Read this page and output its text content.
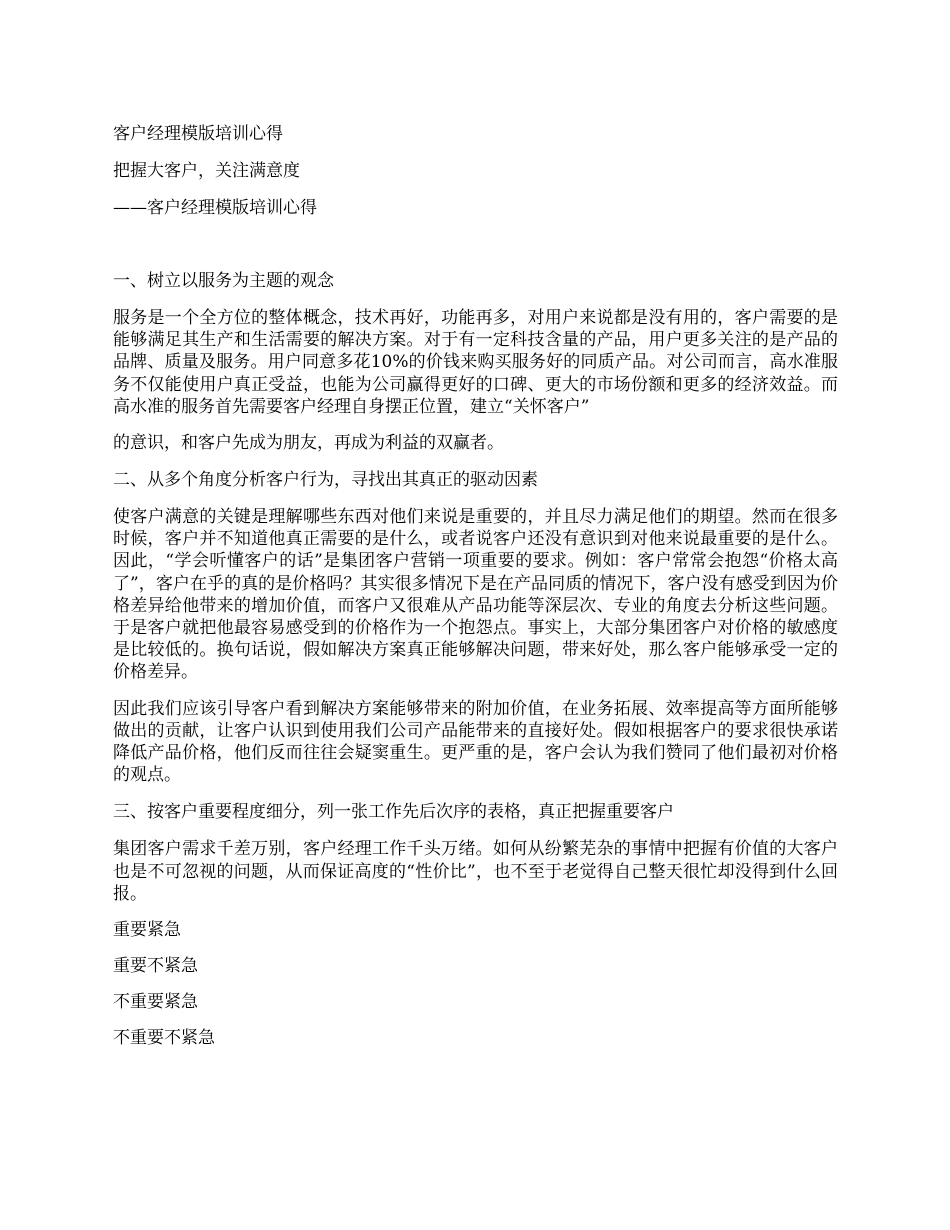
客户经理模版培训心得

把握大客户，关注满意度

——客户经理模版培训心得

一、树立以服务为主题的观念

服务是一个全方位的整体概念，技术再好，功能再多，对用户来说都是没有用的，客户需要的是能够满足其生产和生活需要的解决方案。对于有一定科技含量的产品，用户更多关注的是产品的品牌、质量及服务。用户同意多花10%的价钱来购买服务好的同质产品。对公司而言，高水准服务不仅能使用户真正受益，也能为公司赢得更好的口碑、更大的市场份额和更多的经济效益。而高水准的服务首先需要客户经理自身摆正位置，建立“关怀客户”

的意识，和客户先成为朋友，再成为利益的双赢者。

二、从多个角度分析客户行为，寻找出其真正的驱动因素

使客户满意的关键是理解哪些东西对他们来说是重要的，并且尽力满足他们的期望。然而在很多时候，客户并不知道他真正需要的是什么，或者说客户还没有意识到对他来说最重要的是什么。因此，“学会听懂客户的话”是集团客户营销一项重要的要求。例如：客户常常会抱怨“价格太高了”，客户在乎的真的是价格吗？其实很多情况下是在产品同质的情况下，客户没有感受到因为价格差异给他带来的增加价值，而客户又很难从产品功能等深层次、专业的角度去分析这些问题。于是客户就把他最容易感受到的价格作为一个抱怨点。事实上，大部分集团客户对价格的敏感度是比较低的。换句话说，假如解决方案真正能够解决问题，带来好处，那么客户能够承受一定的价格差异。

因此我们应该引导客户看到解决方案能够带来的附加价值，在业务拓展、效率提高等方面所能够做出的贡献，让客户认识到使用我们公司产品能带来的直接好处。假如根据客户的要求很快承诺降低产品价格，他们反而往往会疑窦重生。更严重的是，客户会认为我们赞同了他们最初对价格的观点。

三、按客户重要程度细分，列一张工作先后次序的表格，真正把握重要客户

集团客户需求千差万别，客户经理工作千头万绪。如何从纷繁芜杂的事情中把握有价值的大客户也是不可忽视的问题，从而保证高度的“性价比”，也不至于老觉得自己整天很忙却没得到什么回报。

重要紧急

重要不紧急

不重要紧急

不重要不紧急
